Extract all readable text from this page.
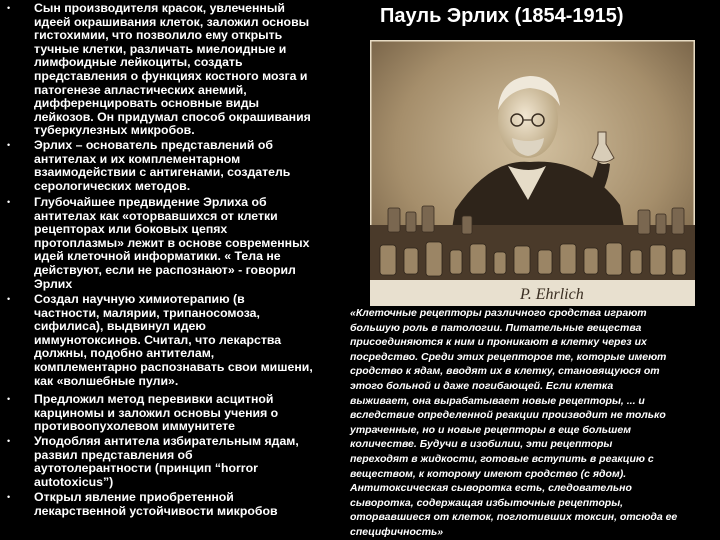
• Сын производителя красок, увлеченный
идеей окрашивания клеток, заложил основы
гистохимии, что позволило ему открыть
тучные клетки, различать миелоидные и
лимфоидные лейкоциты, создать
представления о функциях костного мозга и
патогенезе апластических анемий,
дифференцировать основные виды
лейкозов. Он придумал способ окрашивания
туберкулезных микробов.
• Эрлих – основатель представлений об
антителах и их комплементарном
взаимодействии с антигенами, создатель
серологических методов.
• Глубочайшее предвидение Эрлиха об
антителах как «оторвавшихся от клетки
рецепторах или боковых цепях
протоплазмы» лежит в основе современных
идей клеточной информатики. « Тела не
действуют, если не распознают» - говорил
Эрлих
• Создал научную химиотерапию (в
частности, малярии, трипаносомоза,
сифилиса), выдвинул идею
иммунотоксинов. Считал, что лекарства
должны, подобно антителам,
комплементарно распознавать свои мишени,
как «волшебные пули».
• Предложил метод перевивки асцитной
карциномы и заложил основы учения о
противоопухолевом иммунитете
• Уподобляя антитела избирательным ядам,
развил представления об
аутотолерантности (принцип “horror
autotoxicus”)
• Открыл явление приобретенной
лекарственной устойчивости микробов
Пауль Эрлих (1854-1915)
P. Ehrlich

«Клеточные рецепторы различного сродства играют
большую роль в патологии. Питательные вещества
присоединяются к ним и проникают в клетку через их
посредство. Среди этих рецепторов те, которые имеют
сродство к ядам, вводят их в клетку, становящуюся от
этого больной и даже погибающей. Если клетка
выживает, она вырабатывает новые рецепторы, ... и
вследствие определенной реакции производит не только
утраченные, но и новые рецепторы в еще большем
количестве. Будучи в изобилии, эти рецепторы
переходят в жидкости, готовые вступить в реакцию с
веществом, к которому имеют сродство (с ядом).
Антитоксическая сыворотка есть, следовательно
сыворотка, содержащая избыточные рецепторы,
оторвавшиеся от клеток, поглотивших токсин, отсюда ее
специфичность»
